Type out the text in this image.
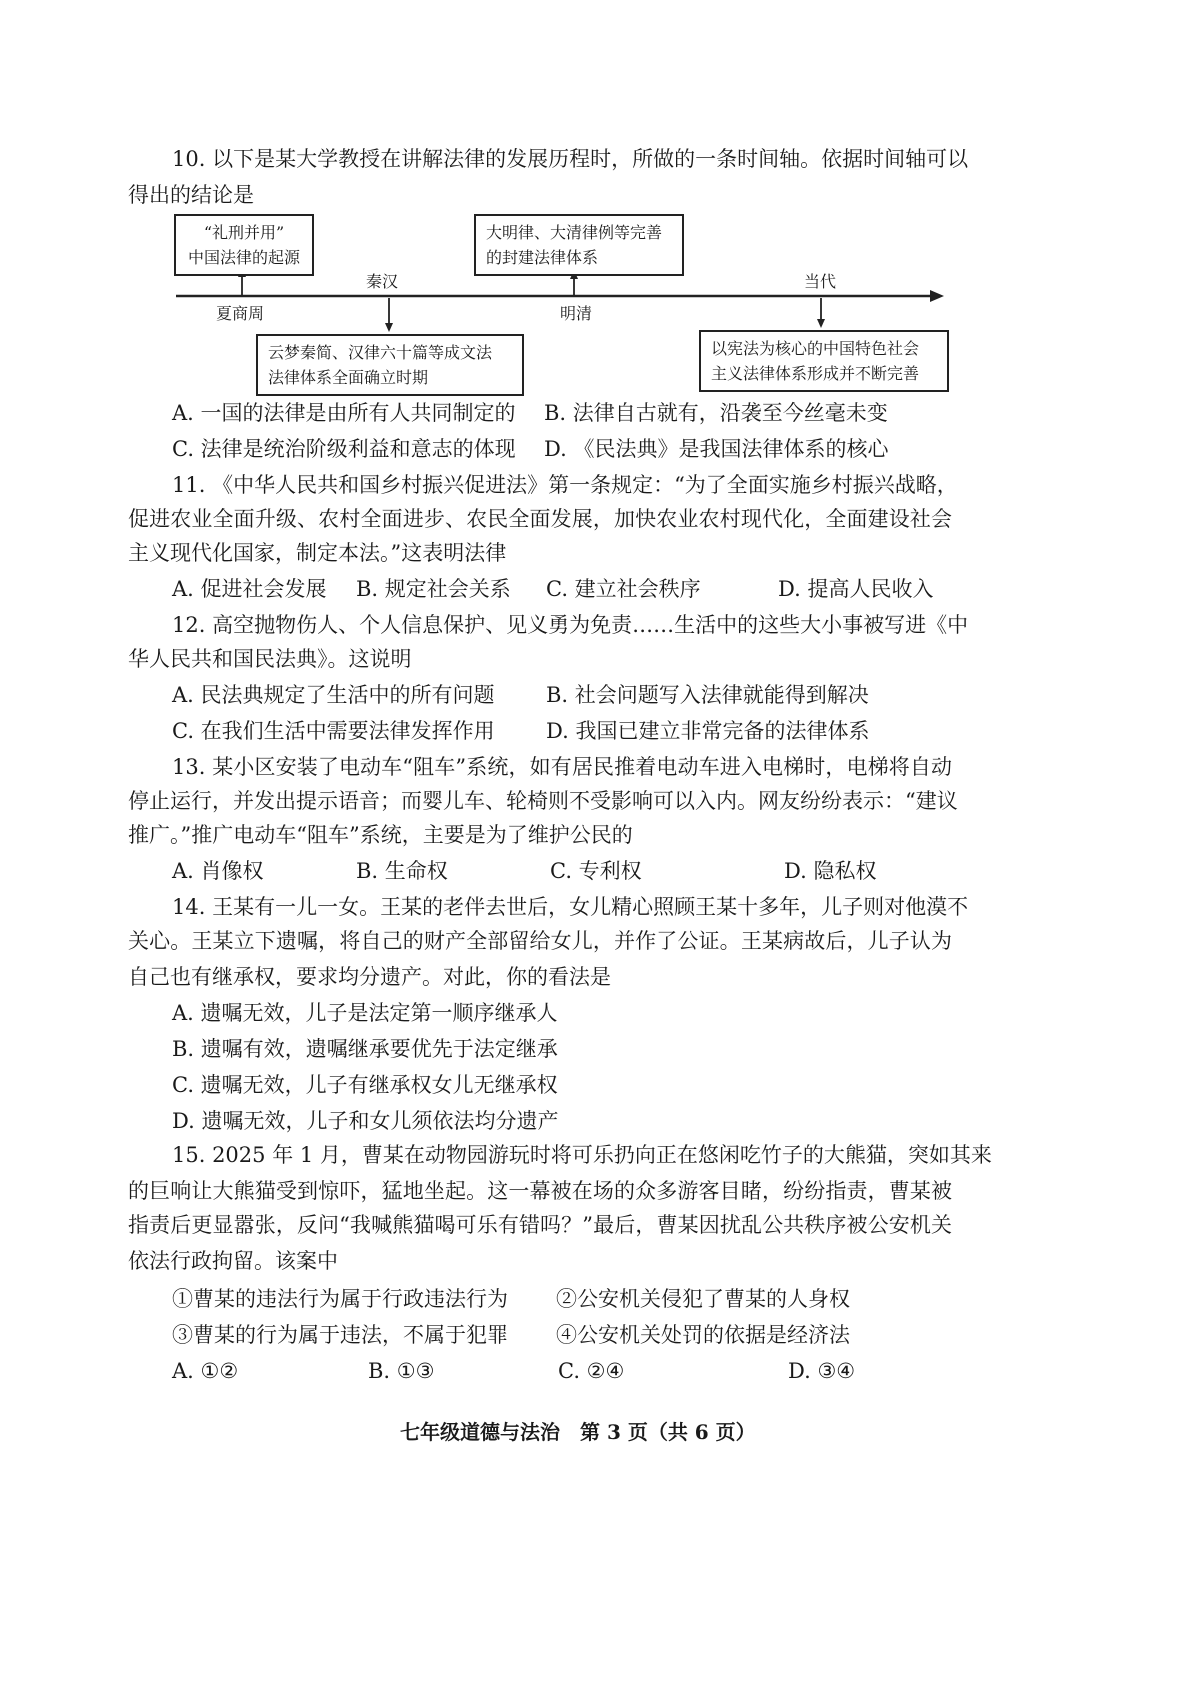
10. 以下是某大学教授在讲解法律的发展历程时，所做的一条时间轴。依据时间轴可以
得出的结论是
“礼刑并用”
中国法律的起源
大明律、大清律例等完善
的封建法律体系
云梦秦简、汉律六十篇等成文法
法律体系全面确立时期
以宪法为核心的中国特色社会
主义法律体系形成并不断完善
夏商周
秦汉
明清
当代
A. 一国的法律是由所有人共同制定的 B. 法律自古就有，沿袭至今丝毫未变
C. 法律是统治阶级利益和意志的体现 D. 《民法典》是我国法律体系的核心
11. 《中华人民共和国乡村振兴促进法》第一条规定：“为了全面实施乡村振兴战略，
促进农业全面升级、农村全面进步、农民全面发展，加快农业农村现代化，全面建设社会
主义现代化国家，制定本法。”这表明法律
A. 促进社会发展 B. 规定社会关系 C. 建立社会秩序	D. 提高人民收入
12. 高空抛物伤人、个人信息保护、见义勇为免责……生活中的这些大小事被写进《中
华人民共和国民法典》。这说明
A. 民法典规定了生活中的所有问题 B. 社会问题写入法律就能得到解决
C. 在我们生活中需要法律发挥作用 D. 我国已建立非常完备的法律体系
13. 某小区安装了电动车“阻车”系统，如有居民推着电动车进入电梯时，电梯将自动
停止运行，并发出提示语音；而婴儿车、轮椅则不受影响可以入内。网友纷纷表示：“建议
推广。”推广电动车“阻车”系统，主要是为了维护公民的
A. 肖像权	B. 生命权	C. 专利权	D. 隐私权
14. 王某有一儿一女。王某的老伴去世后，女儿精心照顾王某十多年，儿子则对他漠不
关心。王某立下遗嘱，将自己的财产全部留给女儿，并作了公证。王某病故后，儿子认为
自己也有继承权，要求均分遗产。对此，你的看法是
A. 遗嘱无效，儿子是法定第一顺序继承人
B. 遗嘱有效，遗嘱继承要优先于法定继承
C. 遗嘱无效，儿子有继承权女儿无继承权
D. 遗嘱无效，儿子和女儿须依法均分遗产
15. 2025 年 1 月，曹某在动物园游玩时将可乐扔向正在悠闲吃竹子的大熊猫，突如其来
的巨响让大熊猫受到惊吓，猛地坐起。这一幕被在场的众多游客目睹，纷纷指责，曹某被
指责后更显嚣张，反问“我喊熊猫喝可乐有错吗？”最后，曹某因扰乱公共秩序被公安机关
依法行政拘留。该案中
①曹某的违法行为属于行政违法行为 ②公安机关侵犯了曹某的人身权
③曹某的行为属于违法，不属于犯罪 ④公安机关处罚的依据是经济法
A. ①②	B. ①③	C. ②④	D. ③④
七年级道德与法治　第 3 页（共 6 页）
